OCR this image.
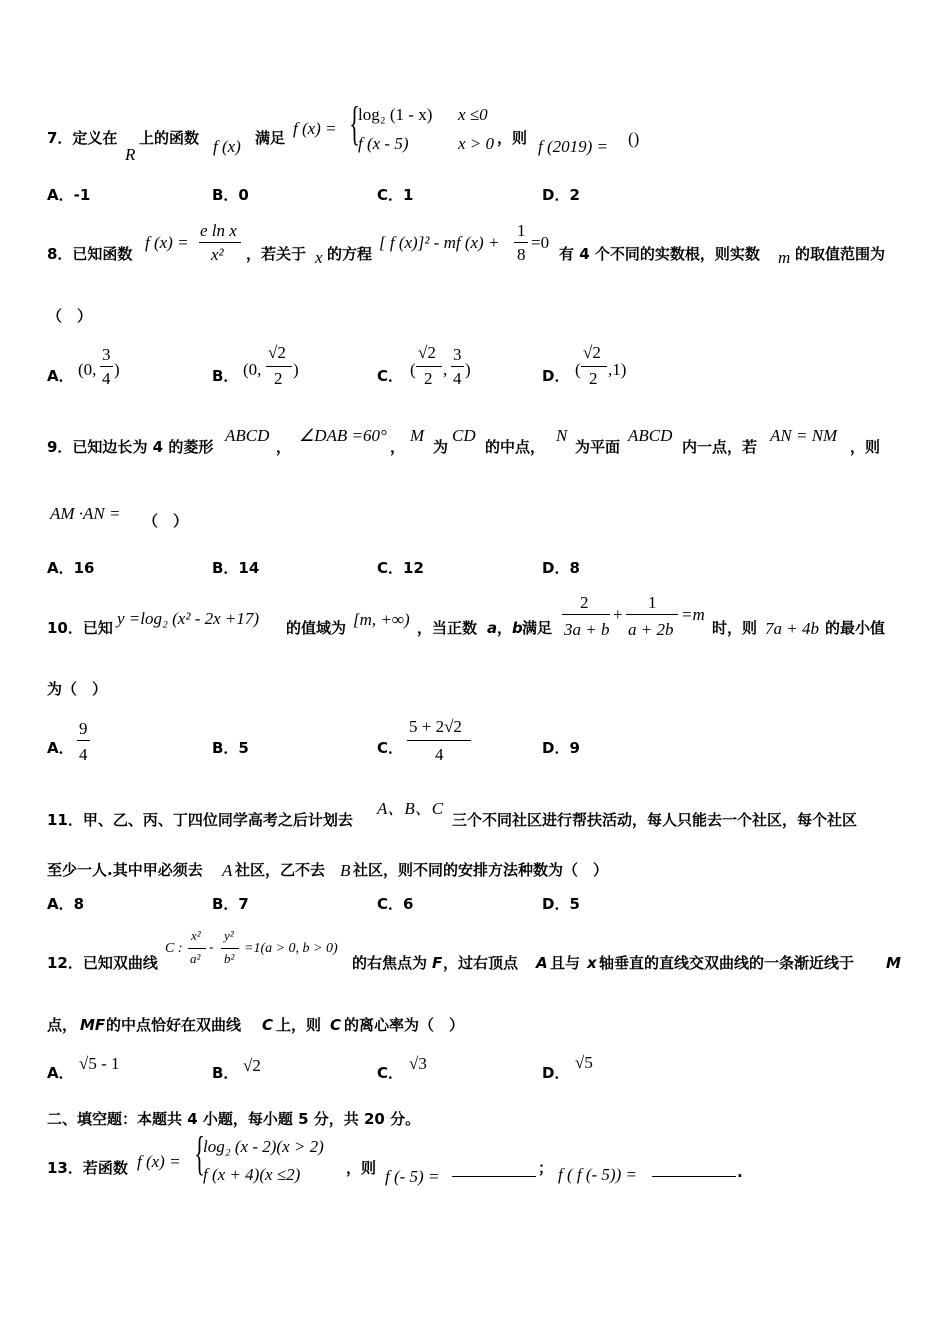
7．定义在
R
上的函数 f (x) 满足 f (x) = {
log₂ (1 - x) x ≤0
f (x - 5)	x > 0 ，则 f (2019) = ()
A．-1	B．0	C．1	D．2
8．已知函数
f (x) =
e ln x
x² ，若关于 x 的方程
[ f (x)]² - mf (x) +
1
8
=0
有 4 个不同的实数根，则实数 m 的取值范围为
（　）
A． (0,
3
4 )	B． (0,
√2
2 )	C． (
√2
2 ,
3
4 )	D． (
√2
2 ,1)
9．已知边长为 4 的菱形
ABCD
，
∠DAB =60°
，
M
为
CD
的中点，
N
为平面
ABCD
内一点，若
AN = NM
，则
AM ·AN = （　）
A．16	B．14	C．12	D．8
10．已知 y =log₂ (x² - 2x +17) 的值域为 [m, +∞) ，当正数 a ， b 满足
2
3a + b
+
1
a + 2b
=m
时，则 7a + 4b 的最小值
为（　）
A．
9
4	B．5	C．
5 + 2√2
4	D．9
11．甲、乙、丙、丁四位同学高考之后计划去
A、B、C
三个不同社区进行帮扶活动，每人只能去一个社区，每个社区
至少一人.其中甲必须去 A 社区，乙不去 B 社区，则不同的安排方法种数为（　）
A．8	B．7	C．6	D．5
12．已知双曲线
C :
x²
a²
-
y²
b²
=1(a > 0, b > 0)
的右焦点为 F ，过右顶点 A 且与 x 轴垂直的直线交双曲线的一条渐近线于 M
点， MF 的中点恰好在双曲线 C 上，则 C 的离心率为（　）
A． √5 - 1	B． √2	C． √3	D．
√5
二、填空题：本题共 4 小题，每小题 5 分，共 20 分。
13．若函数 f (x) = {
log₂ (x - 2)(x > 2)
f (x + 4)(x ≤2)	，则 f (- 5) =	； f ( f (- 5)) =	.
